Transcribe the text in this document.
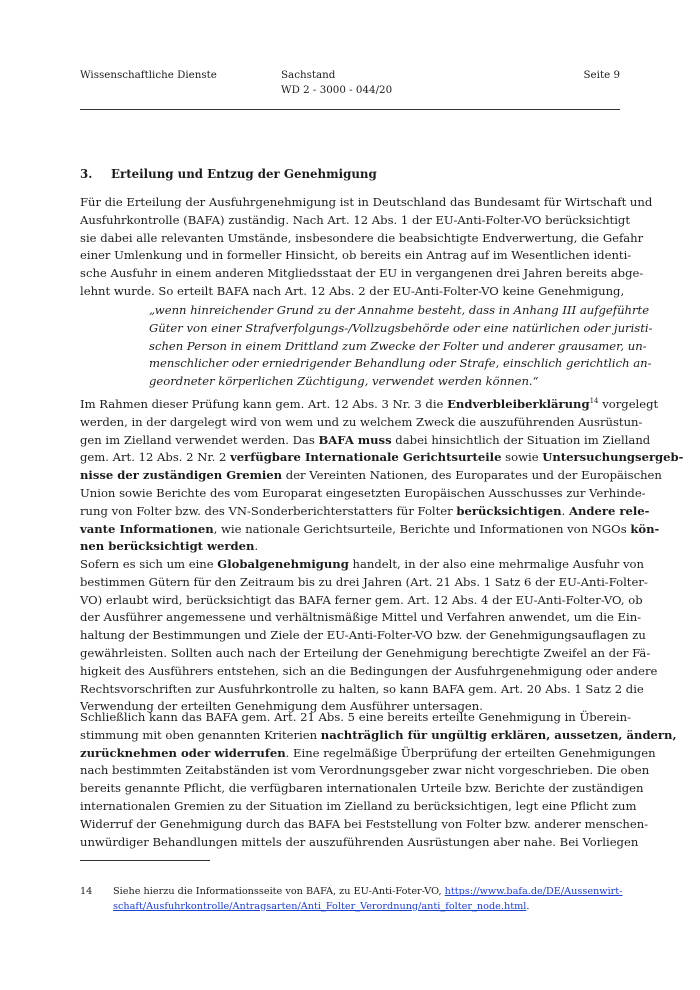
Wissenschaftliche Dienste	Sachstand
WD 2 - 3000 - 044/20
Seite 9
3. Erteilung und Entzug der Genehmigung
Für die Erteilung der Ausfuhrgenehmigung ist in Deutschland das Bundesamt für Wirtschaft und
Ausfuhrkontrolle (BAFA) zuständig. Nach Art. 12 Abs. 1 der EU-Anti-Folter-VO berücksichtigt
sie dabei alle relevanten Umstände, insbesondere die beabsichtigte Endverwertung, die Gefahr
einer Umlenkung und in formeller Hinsicht, ob bereits ein Antrag auf im Wesentlichen identi-
sche Ausfuhr in einem anderen Mitgliedsstaat der EU in vergangenen drei Jahren bereits abge-
lehnt wurde. So erteilt BAFA nach Art. 12 Abs. 2 der EU-Anti-Folter-VO keine Genehmigung,
„wenn hinreichender Grund zu der Annahme besteht, dass in Anhang III aufgeführte
Güter von einer Strafverfolgungs-/Vollzugsbehörde oder eine natürlichen oder juristi-
schen Person in einem Drittland zum Zwecke der Folter und anderer grausamer, un-
menschlicher oder erniedrigender Behandlung oder Strafe, einschlich gerichtlich an-
geordneter körperlichen Züchtigung, verwendet werden können.“
Im Rahmen dieser Prüfung kann gem. Art. 12 Abs. 3 Nr. 3 die Endverbleiberklärung$^{14}$ vorgelegt
werden, in der dargelegt wird von wem und zu welchem Zweck die auszuführenden Ausrüstun-
gen im Zielland verwendet werden. Das BAFA muss dabei hinsichtlich der Situation im Zielland
gem. Art. 12 Abs. 2 Nr. 2 verfügbare Internationale Gerichtsurteile sowie Untersuchungsergeb-
nisse der zuständigen Gremien der Vereinten Nationen, des Europarates und der Europäischen
Union sowie Berichte des vom Europarat eingesetzten Europäischen Ausschusses zur Verhinde-
rung von Folter bzw. des VN-Sonderberichterstatters für Folter berücksichtigen. Andere rele-
vante Informationen, wie nationale Gerichtsurteile, Berichte und Informationen von NGOs kön-
nen berücksichtigt werden.
Sofern es sich um eine Globalgenehmigung handelt, in der also eine mehrmalige Ausfuhr von
bestimmen Gütern für den Zeitraum bis zu drei Jahren (Art. 21 Abs. 1 Satz 6 der EU-Anti-Folter-
VO) erlaubt wird, berücksichtigt das BAFA ferner gem. Art. 12 Abs. 4 der EU-Anti-Folter-VO, ob
der Ausführer angemessene und verhältnismäßige Mittel und Verfahren anwendet, um die Ein-
haltung der Bestimmungen und Ziele der EU-Anti-Folter-VO bzw. der Genehmigungsauflagen zu
gewährleisten. Sollten auch nach der Erteilung der Genehmigung berechtigte Zweifel an der Fä-
higkeit des Ausführers entstehen, sich an die Bedingungen der Ausfuhrgenehmigung oder andere
Rechtsvorschriften zur Ausfuhrkontrolle zu halten, so kann BAFA gem. Art. 20 Abs. 1 Satz 2 die
Verwendung der erteilten Genehmigung dem Ausführer untersagen.
Schließlich kann das BAFA gem. Art. 21 Abs. 5 eine bereits erteilte Genehmigung in Überein-
stimmung mit oben genannten Kriterien nachträglich für ungültig erklären, aussetzen, ändern,
zurücknehmen oder widerrufen. Eine regelmäßige Überprüfung der erteilten Genehmigungen
nach bestimmten Zeitabständen ist vom Verordnungsgeber zwar nicht vorgeschrieben. Die oben
bereits genannte Pflicht, die verfügbaren internationalen Urteile bzw. Berichte der zuständigen
internationalen Gremien zu der Situation im Zielland zu berücksichtigen, legt eine Pflicht zum
Widerruf der Genehmigung durch das BAFA bei Feststellung von Folter bzw. anderer menschen-
unwürdiger Behandlungen mittels der auszuführenden Ausrüstungen aber nahe. Bei Vorliegen
14 Siehe hierzu die Informationsseite von BAFA, zu EU-Anti-Foter-VO, https://www.bafa.de/DE/Aussenwirt-
schaft/Ausfuhrkontrolle/Antragsarten/Anti_Folter_Verordnung/anti_folter_node.html.
